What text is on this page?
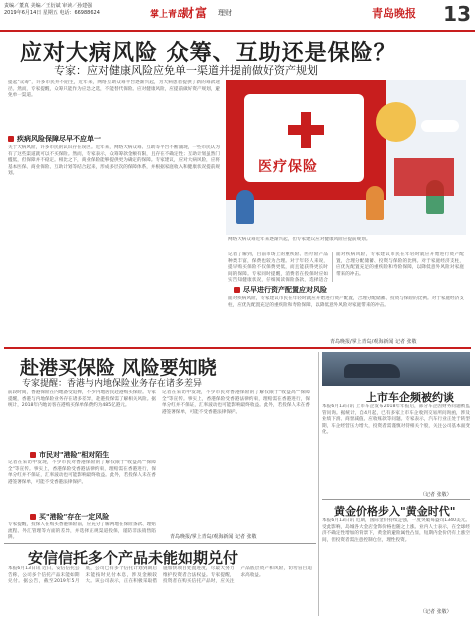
责编／董真 美编／王衍斌 审读／孙建强
2019年6月14日 星期五 电话：66988624	掌上青岛
财富 理财	青岛晚报 13
应对大病风险 众筹、互助还是保险？
专家：应对健康风险应免单一渠道并提前做好资产规划
提起"众筹"，许多市民并不陌生，近年来，网络互助众筹平台逐渐兴起，为大病患者提供了新的筹款途径。然而，专家提醒，众筹只能作为应急之选，不能替代保险。应对健康风险，应提前做好资产规划，避免单一渠道。
疾病风险保障尽早不应单一
关于大病风险，许多市民的认识存在误区。近年来，网络大病众筹、互助等平台不断涌现，一些市民认为有了这些渠道就可以不买保险。然而，专家表示，众筹筹款金额有限，且存在不确定性；互助计划虽然门槛低，但保障并不稳定。相比之下，商业保险能够提供更为确定的保障。专家建议，应对大病风险，应将基本医保、商业保险、互助计划等结合起来，形成多层次的保障体系，并根据家庭收入和健康状况提前规划。	医疗保险
网络大病众筹近年来逐渐兴起，但专家建议应对健康风险应提前规划。
记者了解到，目前市场上的重疾险、医疗险产品种类丰富，保费也较为合理。对于年轻人来说，提早购买保险不仅保费更低，而且能获得更长时间的保障。专家同时提醒，消费者在投保时应如实告知健康状况，仔细阅读保险条款，选择适合
尽早进行资产配置应对风险
面对疾病风险，专家建议市民在年轻时就应开始进行资产配置，合理分配储蓄、投资与保险的比例。对于家庭经济支柱，应优先配置充足的重疾险和寿险保障，以降低意外风险对家庭带来的冲击。
面对疾病风险，专家建议市民在年轻时就应开始进行资产配置，合理分配储蓄、投资与保险的比例。对于家庭经济支柱，应优先配置充足的重疾险和寿险保障，以降低意外风险对家庭带来的冲击。
青岛晚报/掌上青岛/观海新闻 记者 张敬
赴港买保险 风险要知晓
专家提醒：香港与内地保险业务存在诸多差异
前段时间，香港保险在内地备受追捧，不少内地居民赴港购买保险。专家提醒，香港与内地保险业务存在诸多差异，赴港投保需了解相关风险。据统计，2018年内地访客在港购买保单保费约为485亿港元。
市民对"港险"相对陌生
记者在采访中发现，不少市民对香港保险的了解仅限于"收益高""保障全"等宣传。事实上，香港保险受香港法律约束，理赔需在香港进行，保单分红并不保证，汇率波动也可能影响最终收益。此外，若投保人未在香港签署保单，可能不受香港法律保护。
买"港险"存在一定风险
专家提醒，投保人在购买香港保险前，应充分了解两地在保险条款、理赔流程、外汇管理等方面的差异，并选择正规渠道投保，谨防非法销售陷阱。
记者在采访中发现，不少市民对香港保险的了解仅限于"收益高""保障全"等宣传。事实上，香港保险受香港法律约束，理赔需在香港进行，保单分红并不保证，汇率波动也可能影响最终收益。此外，若投保人未在香港签署保单，可能不受香港法律保护。
青岛晚报/掌上青岛/观海新闻 记者 张敬
安信信托多个产品未能如期兑付
本报6月13日讯 近日，安信信托公告称，公司多个信托产品未能如期兑付。据公告，截至2019年5月底，公司已有多个信托计划到期后未能按时兑付本息，涉及金额较大。该公司表示，正在积极采取措施加快项目处置进度，尽最大努力维护投资者合法权益。专家提醒，投资者在购买信托产品时，应关注产品底层资产和风险，切勿盲目追求高收益。
上市车企频被约谈
本报6月13日讯 上市车企发布2018年年报后，部分车企因财务问题被监管问询。据统计，自4月起，已有多家上市车企收到交易所问询函，涉及业绩下滑、商誉减值、应收账款等问题。专家表示，汽车行业正处于转型期，车企经营压力增大，投资者需谨慎对待相关个股，关注公司基本面变化。
（记者 张敬）
黄金价格步入"黄金时代"
本报6月13日讯 近期，国际金价持续走强，一度突破每盎司1340美元。受此影响，岛城各大金店金饰价格也随之上涨。业内人士表示，在全球经济不确定性增加的背景下，黄金的避险属性凸显，短期内金价仍有上涨空间，但投资者需注意控制仓位，理性投资。
（记者 张敬）
